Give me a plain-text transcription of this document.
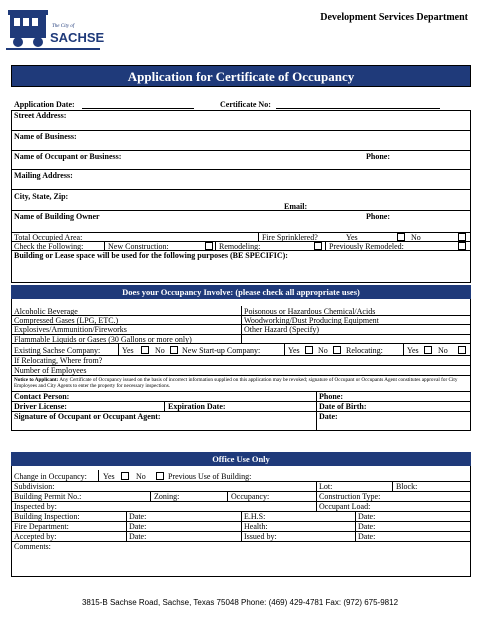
The City of
SACHSE
Development Services Department
Application for Certificate of Occupancy
Application Date:	Certificate No:
Street Address:
Name of Business:
Name of Occupant or Business:	Phone:
Mailing Address:
City, State, Zip:
Email:
Name of Building Owner	Phone:
Total Occupied Area:	Fire Sprinklered?	Yes	No
Check the Following:	New Construction:	Remodeling:	Previously Remodeled:
Building or Lease space will be used for the following purposes (BE SPECIFIC):
Does your Occupancy Involve: (please check all appropriate uses)
Alcoholic Beverage	Poisonous or Hazardous Chemical/Acids
Compressed Gases (LPG, ETC.)	Woodworking/Dust Producing Equipment
Explosives/Ammunition/Fireworks	Other Hazard (Specify)
Flammable Liquids or Gases (30 Gallons or more only)
Existing Sachse Company:	Yes	No New Start-up Company:	Yes No Relocating:	Yes No
If Relocating, Where from?
Number of Employees
Notice to Applicant: Any Certificate of Occupancy issued on the basis of incorrect information supplied on this application may be revoked; signature of Occupant or Occupants Agent constitutes approval for City Employees and City Agents to enter the property for necessary inspections.
Contact Person:	Phone:
Driver License:	Expiration Date:	Date of Birth:
Signature of Occupant or Occupant Agent:	Date:
Office Use Only
Change in Occupancy: Yes	No	Previous Use of Building:
Subdivision:	Lot:	Block:
Building Permit No.:	Zoning:	Occupancy:	Construction Type:
Inspected by:	Occupant Load:
Building Inspection:	Date:	E.H.S:	Date:
Fire Department:	Date:	Health:	Date:
Accepted by:	Date:	Issued by:	Date:
Comments:
3815-B Sachse Road, Sachse, Texas 75048 Phone: (469) 429-4781 Fax: (972) 675-9812
